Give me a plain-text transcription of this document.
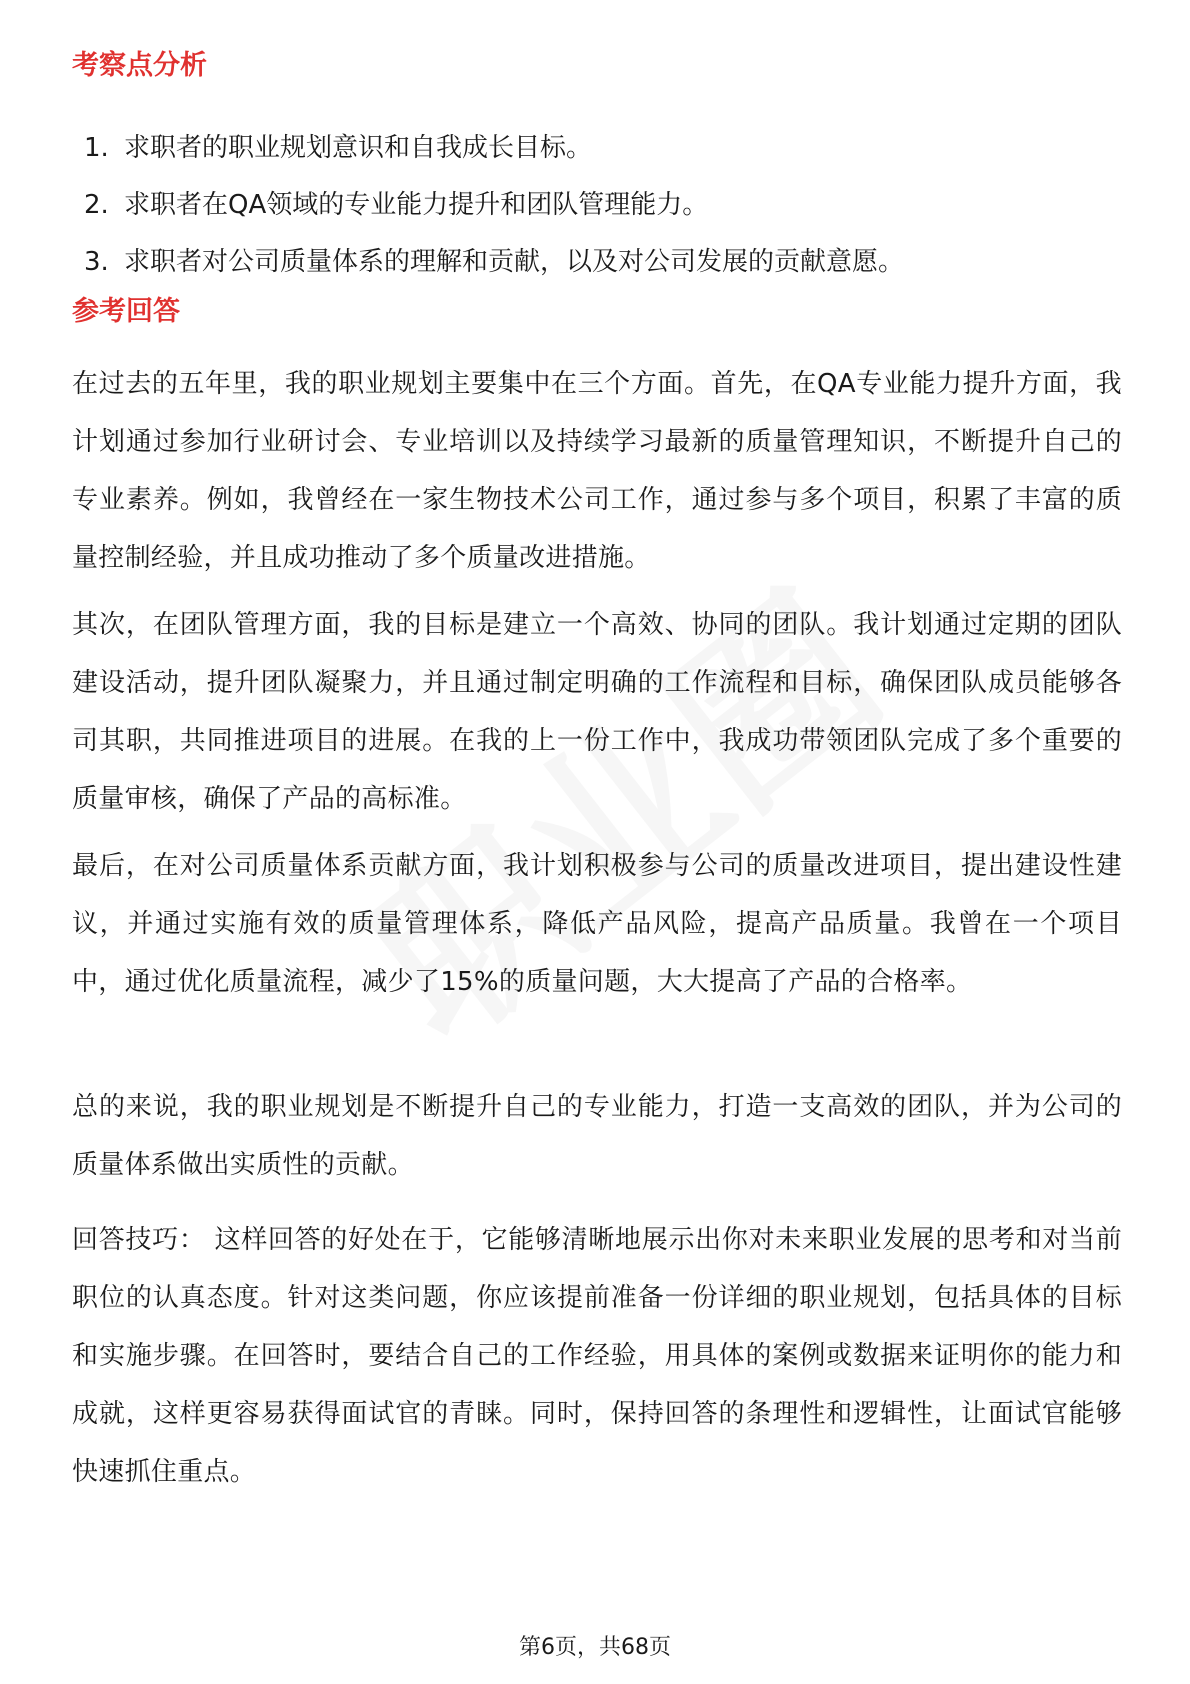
考察点分析
1. 求职者的职业规划意识和自我成长目标。
2. 求职者在QA领域的专业能力提升和团队管理能力。
3. 求职者对公司质量体系的理解和贡献，以及对公司发展的贡献意愿。
参考回答

在过去的五年里，我的职业规划主要集中在三个方面。首先，在QA专业能力提升方面，我计划通过参加行业研讨会、专业培训以及持续学习最新的质量管理知识，不断提升自己的专业素养。例如，我曾经在一家生物技术公司工作，通过参与多个项目，积累了丰富的质量控制经验，并且成功推动了多个质量改进措施。

其次，在团队管理方面，我的目标是建立一个高效、协同的团队。我计划通过定期的团队建设活动，提升团队凝聚力，并且通过制定明确的工作流程和目标，确保团队成员能够各司其职，共同推进项目的进展。在我的上一份工作中，我成功带领团队完成了多个重要的质量审核，确保了产品的高标准。

最后，在对公司质量体系贡献方面，我计划积极参与公司的质量改进项目，提出建设性建议，并通过实施有效的质量管理体系，降低产品风险，提高产品质量。我曾在一个项目中，通过优化质量流程，减少了15%的质量问题，大大提高了产品的合格率。

总的来说，我的职业规划是不断提升自己的专业能力，打造一支高效的团队，并为公司的质量体系做出实质性的贡献。

回答技巧： 这样回答的好处在于，它能够清晰地展示出你对未来职业发展的思考和对当前职位的认真态度。针对这类问题，你应该提前准备一份详细的职业规划，包括具体的目标和实施步骤。在回答时，要结合自己的工作经验，用具体的案例或数据来证明你的能力和成就，这样更容易获得面试官的青睐。同时，保持回答的条理性和逻辑性，让面试官能够快速抓住重点。

第6页，共68页
